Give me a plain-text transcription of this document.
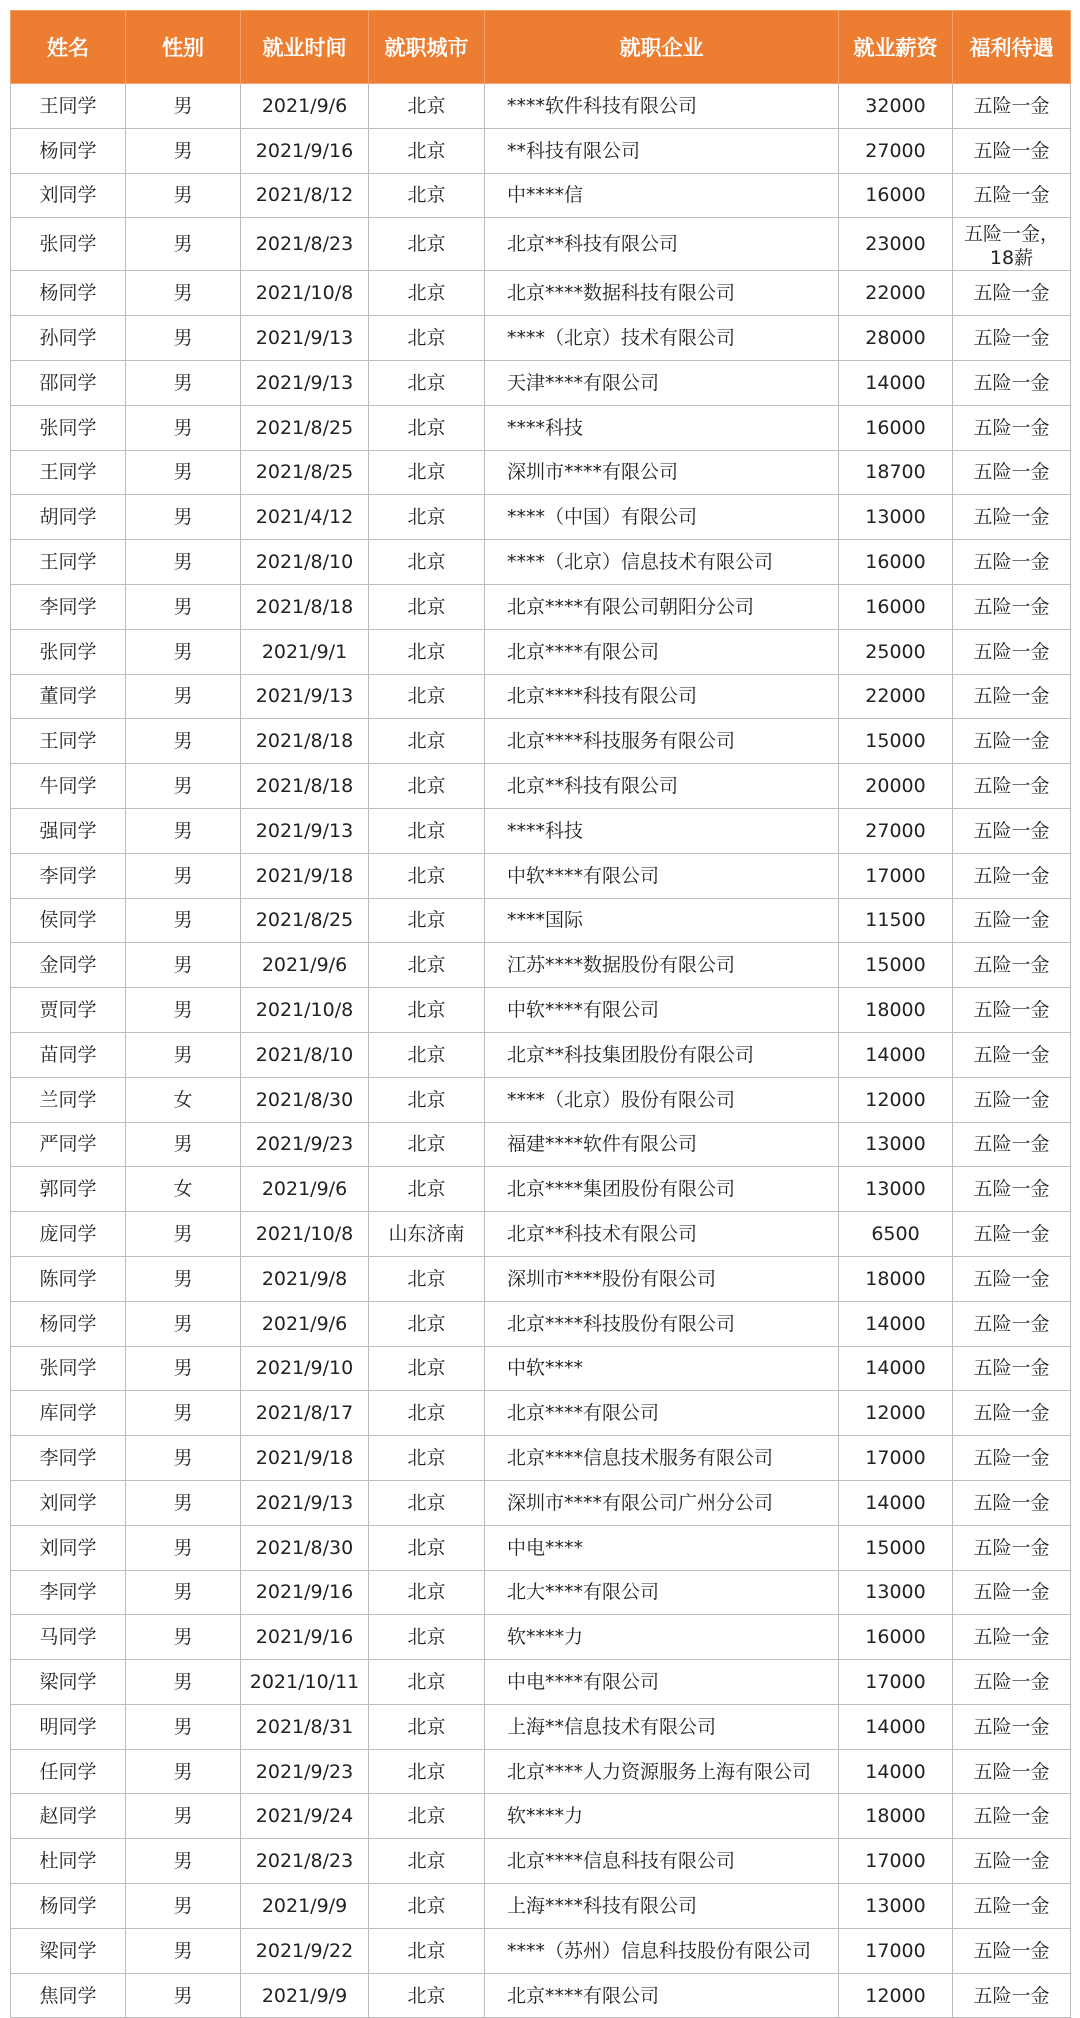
姓名	性别	就业时间	就职城市	就职企业	就业薪资	福利待遇
王同学	男	2021/9/6	北京	****软件科技有限公司	32000	五险一金
杨同学	男	2021/9/16	北京	**科技有限公司	27000	五险一金
刘同学	男	2021/8/12	北京	中****信	16000	五险一金
张同学	男	2021/8/23	北京	北京**科技有限公司	23000	五险一金，18薪
杨同学	男	2021/10/8	北京	北京****数据科技有限公司	22000	五险一金
孙同学	男	2021/9/13	北京	****（北京）技术有限公司	28000	五险一金
邵同学	男	2021/9/13	北京	天津****有限公司	14000	五险一金
张同学	男	2021/8/25	北京	****科技	16000	五险一金
王同学	男	2021/8/25	北京	深圳市****有限公司	18700	五险一金
胡同学	男	2021/4/12	北京	****（中国）有限公司	13000	五险一金
王同学	男	2021/8/10	北京	****（北京）信息技术有限公司	16000	五险一金
李同学	男	2021/8/18	北京	北京****有限公司朝阳分公司	16000	五险一金
张同学	男	2021/9/1	北京	北京****有限公司	25000	五险一金
董同学	男	2021/9/13	北京	北京****科技有限公司	22000	五险一金
王同学	男	2021/8/18	北京	北京****科技服务有限公司	15000	五险一金
牛同学	男	2021/8/18	北京	北京**科技有限公司	20000	五险一金
强同学	男	2021/9/13	北京	****科技	27000	五险一金
李同学	男	2021/9/18	北京	中软****有限公司	17000	五险一金
侯同学	男	2021/8/25	北京	****国际	11500	五险一金
金同学	男	2021/9/6	北京	江苏****数据股份有限公司	15000	五险一金
贾同学	男	2021/10/8	北京	中软****有限公司	18000	五险一金
苗同学	男	2021/8/10	北京	北京**科技集团股份有限公司	14000	五险一金
兰同学	女	2021/8/30	北京	****（北京）股份有限公司	12000	五险一金
严同学	男	2021/9/23	北京	福建****软件有限公司	13000	五险一金
郭同学	女	2021/9/6	北京	北京****集团股份有限公司	13000	五险一金
庞同学	男	2021/10/8	山东济南	北京**科技术有限公司	6500	五险一金
陈同学	男	2021/9/8	北京	深圳市****股份有限公司	18000	五险一金
杨同学	男	2021/9/6	北京	北京****科技股份有限公司	14000	五险一金
张同学	男	2021/9/10	北京	中软****	14000	五险一金
库同学	男	2021/8/17	北京	北京****有限公司	12000	五险一金
李同学	男	2021/9/18	北京	北京****信息技术服务有限公司	17000	五险一金
刘同学	男	2021/9/13	北京	深圳市****有限公司广州分公司	14000	五险一金
刘同学	男	2021/8/30	北京	中电****	15000	五险一金
李同学	男	2021/9/16	北京	北大****有限公司	13000	五险一金
马同学	男	2021/9/16	北京	软****力	16000	五险一金
梁同学	男	2021/10/11	北京	中电****有限公司	17000	五险一金
明同学	男	2021/8/31	北京	上海**信息技术有限公司	14000	五险一金
任同学	男	2021/9/23	北京	北京****人力资源服务上海有限公司	14000	五险一金
赵同学	男	2021/9/24	北京	软****力	18000	五险一金
杜同学	男	2021/8/23	北京	北京****信息科技有限公司	17000	五险一金
杨同学	男	2021/9/9	北京	上海****科技有限公司	13000	五险一金
梁同学	男	2021/9/22	北京	****（苏州）信息科技股份有限公司	17000	五险一金
焦同学	男	2021/9/9	北京	北京****有限公司	12000	五险一金
